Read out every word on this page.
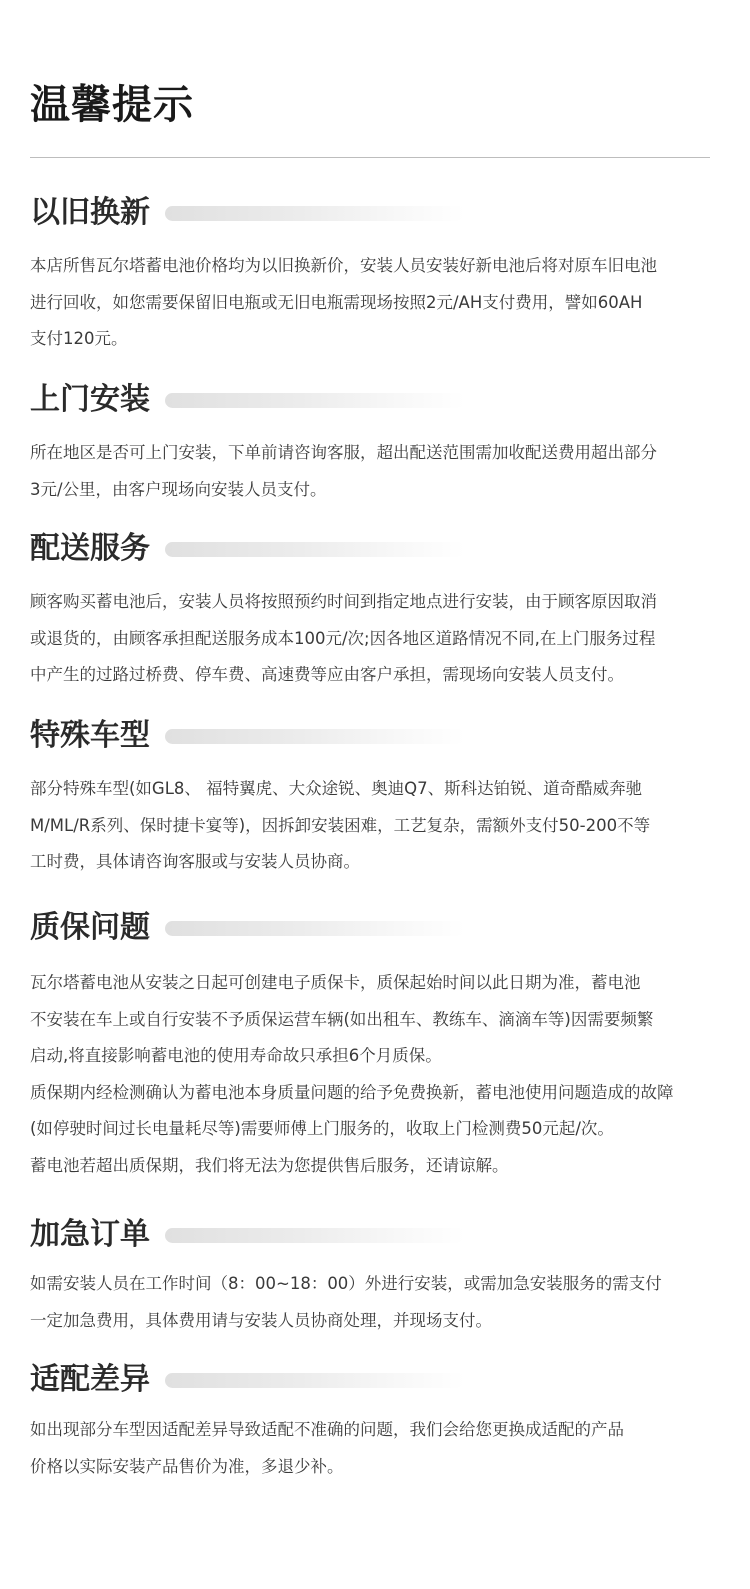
温馨提示
以旧换新
本店所售瓦尔塔蓄电池价格均为以旧换新价，安装人员安装好新电池后将对原车旧电池
进行回收，如您需要保留旧电瓶或无旧电瓶需现场按照2元/AH支付费用，譬如60AH
支付120元。
上门安装
所在地区是否可上门安装，下单前请咨询客服，超出配送范围需加收配送费用超出部分
3元/公里，由客户现场向安装人员支付。
配送服务
顾客购买蓄电池后，安装人员将按照预约时间到指定地点进行安装，由于顾客原因取消
或退货的，由顾客承担配送服务成本100元/次;因各地区道路情况不同,在上门服务过程
中产生的过路过桥费、停车费、高速费等应由客户承担，需现场向安装人员支付。
特殊车型
部分特殊车型(如GL8、 福特翼虎、大众途锐、奥迪Q7、斯科达铂锐、道奇酷威奔驰
M/ML/R系列、保时捷卡宴等)，因拆卸安装困难，工艺复杂，需额外支付50-200不等
工时费，具体请咨询客服或与安装人员协商。
质保问题
瓦尔塔蓄电池从安装之日起可创建电子质保卡，质保起始时间以此日期为准，蓄电池
不安装在车上或自行安装不予质保运营车辆(如出租车、教练车、滴滴车等)因需要频繁
启动,将直接影响蓄电池的使用寿命故只承担6个月质保。
质保期内经检测确认为蓄电池本身质量问题的给予免费换新，蓄电池使用问题造成的故障
(如停驶时间过长电量耗尽等)需要师傅上门服务的，收取上门检测费50元起/次。
蓄电池若超出质保期，我们将无法为您提供售后服务，还请谅解。
加急订单
如需安装人员在工作时间（8：00~18：00）外进行安装，或需加急安装服务的需支付
一定加急费用，具体费用请与安装人员协商处理，并现场支付。
适配差异
如出现部分车型因适配差异导致适配不准确的问题，我们会给您更换成适配的产品
价格以实际安装产品售价为准，多退少补。
